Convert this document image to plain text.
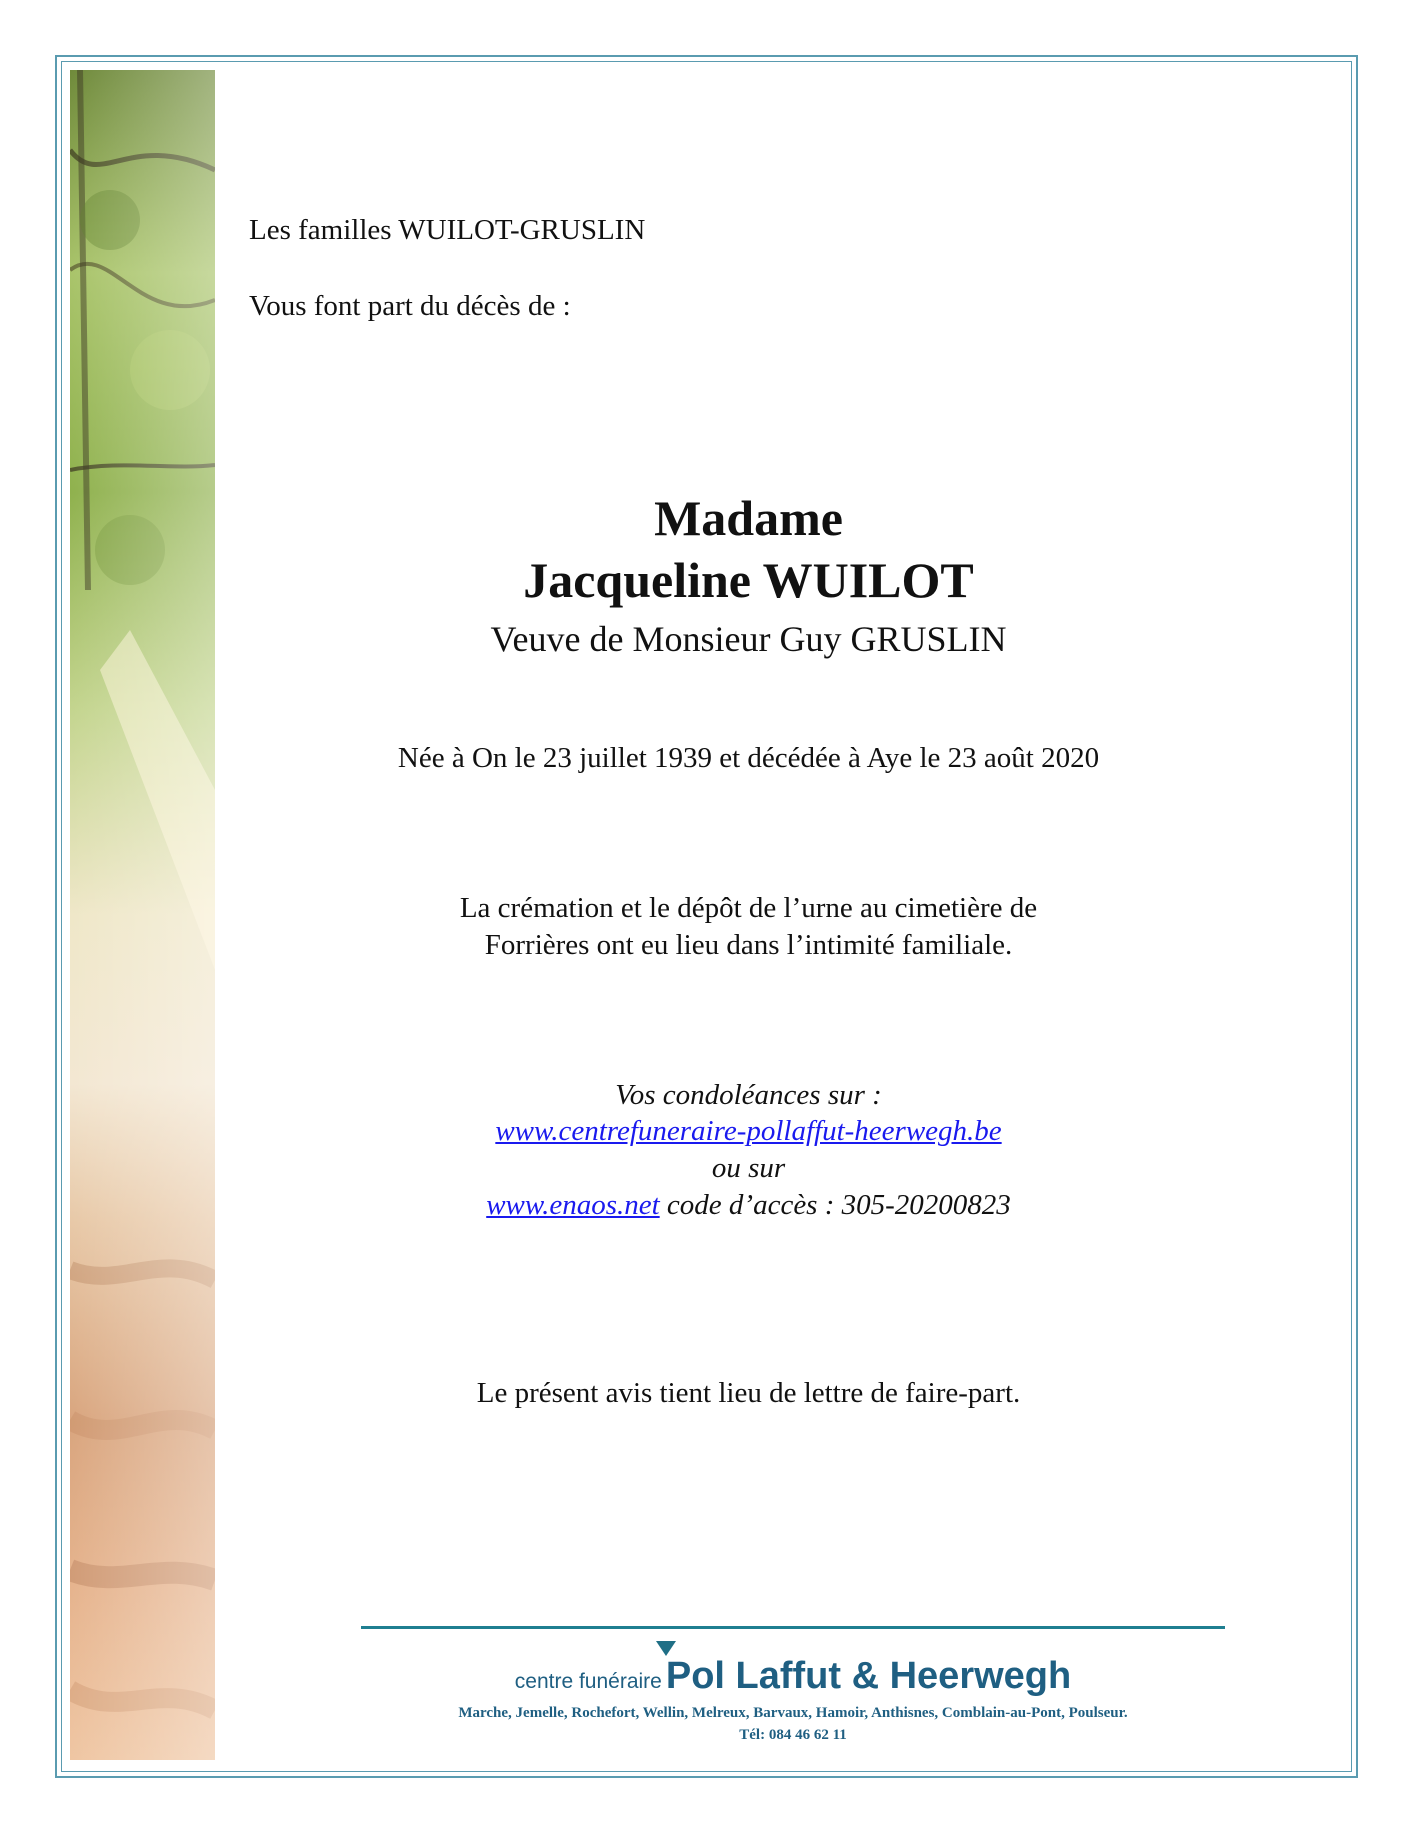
Les familles WUILOT-GRUSLIN

Vous font part du décès de :

Madame

Jacqueline WUILOT

Veuve de Monsieur Guy GRUSLIN

Née à On le 23 juillet 1939 et décédée à Aye le 23 août 2020

La crémation et le dépôt de l’urne au cimetière de

Forrières ont eu lieu dans l’intimité familiale.

Vos condoléances sur :

www.centrefuneraire-pollaffut-heerwegh.be

ou sur

www.enaos.net code d’accès : 305-20200823

Le présent avis tient lieu de lettre de faire-part.

centre funéraire Pol Laffut & Heerwegh
Marche, Jemelle, Rochefort, Wellin, Melreux, Barvaux, Hamoir, Anthisnes, Comblain-au-Pont, Poulseur.
Tél: 084 46 62 11
